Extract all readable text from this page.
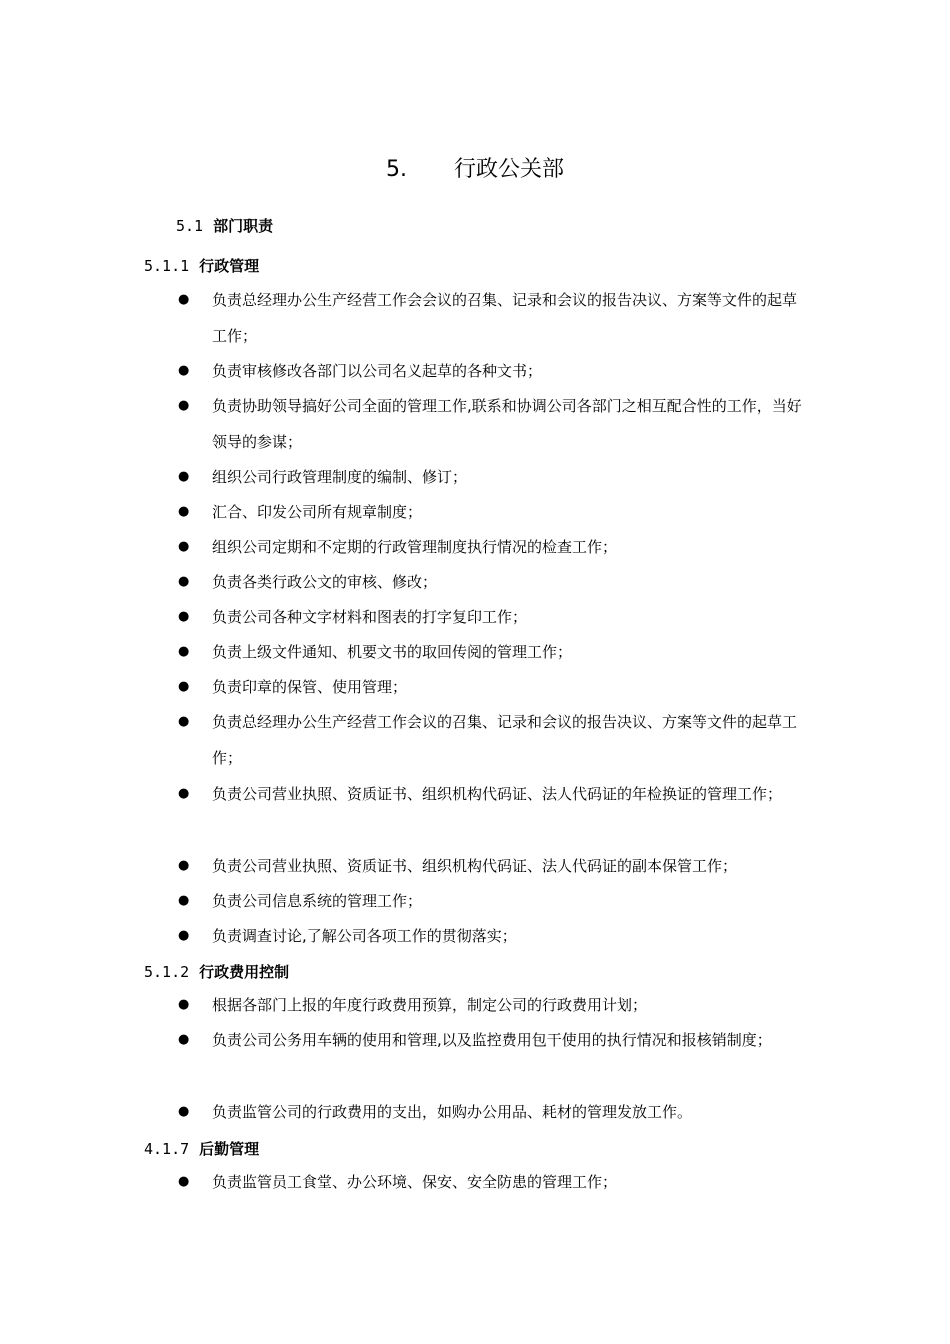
5. 行政公关部
5.1 部门职责
5.1.1 行政管理
● 负责总经理办公生产经营工作会会议的召集、记录和会议的报告决议、方案等文件的起草工作；
● 负责审核修改各部门以公司名义起草的各种文书；
● 负责协助领导搞好公司全面的管理工作,联系和协调公司各部门之相互配合性的工作，当好领导的参谋；
● 组织公司行政管理制度的编制、修订；
● 汇合、印发公司所有规章制度；
● 组织公司定期和不定期的行政管理制度执行情况的检查工作；
● 负责各类行政公文的审核、修改；
● 负责公司各种文字材料和图表的打字复印工作；
● 负责上级文件通知、机要文书的取回传阅的管理工作；
● 负责印章的保管、使用管理；
● 负责总经理办公生产经营工作会议的召集、记录和会议的报告决议、方案等文件的起草工作；
● 负责公司营业执照、资质证书、组织机构代码证、法人代码证的年检换证的管理工作；
● 负责公司营业执照、资质证书、组织机构代码证、法人代码证的副本保管工作；
● 负责公司信息系统的管理工作；
● 负责调查讨论,了解公司各项工作的贯彻落实；
5.1.2 行政费用控制
● 根据各部门上报的年度行政费用预算，制定公司的行政费用计划；
● 负责公司公务用车辆的使用和管理,以及监控费用包干使用的执行情况和报核销制度；
● 负责监管公司的行政费用的支出，如购办公用品、耗材的管理发放工作。
4.1.7 后勤管理
● 负责监管员工食堂、办公环境、保安、安全防患的管理工作；
